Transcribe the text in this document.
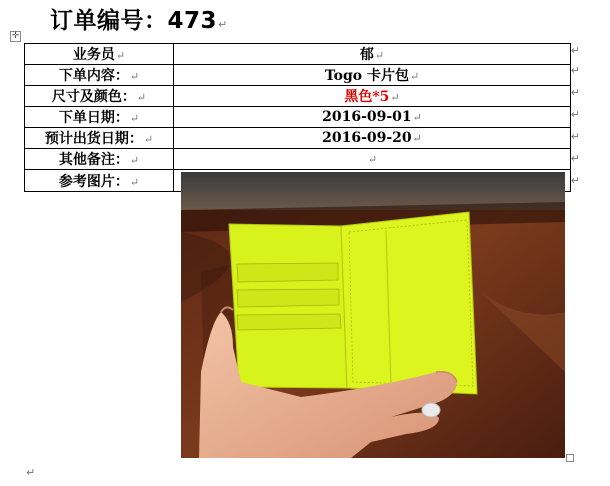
订单编号：473↵
✛
业务员↵	郁↵
下单内容：↵	Togo 卡片包↵
尺寸及颜色：↵	黑色*5↵
下单日期：↵	2016-09-01↵
预计出货日期：↵	2016-09-20↵
其他备注：↵	↵
参考图片：↵	
↵
↵
↵
↵
↵
↵
↵
↵
